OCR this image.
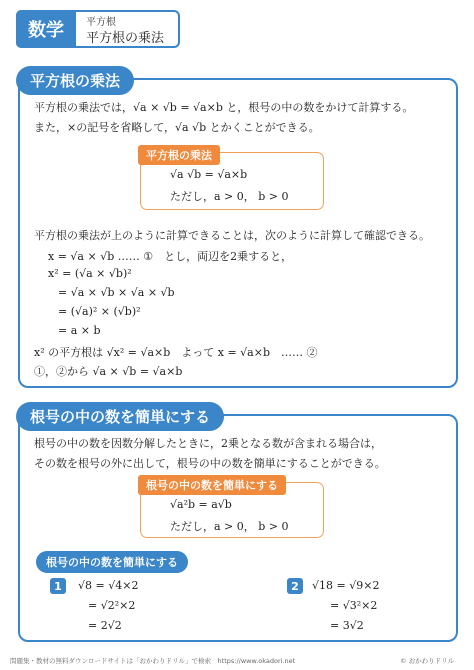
数学	平方根
平方根の乗法
平方根の乗法
平方根の乗法では，√a × √b = √a×b と，根号の中の数をかけて計算する。
また，×の記号を省略して，√a √b とかくことができる。
平方根の乗法
√a √b = √a×b
ただし，a > 0， b > 0
平方根の乗法が上のように計算できることは，次のように計算して確認できる。
x = √a × √b …… ①　とし，両辺を2乗すると，
x² = (√a × √b)²
= √a × √b × √a × √b
= (√a)² × (√b)²
= a × b
x² の平方根は √x² = √a×b　よって x = √a×b　…… ②
①，②から √a × √b = √a×b
根号の中の数を簡単にする
根号の中の数を因数分解したときに，2乗となる数が含まれる場合は，
その数を根号の外に出して，根号の中の数を簡単にすることができる。
根号の中の数を簡単にする
√a²b = a√b
ただし，a > 0， b > 0
根号の中の数を簡単にする
1	√8 = √4×2
= √2²×2
= 2√2
2	√18 = √9×2
= √3²×2
= 3√2
問題集・教材の無料ダウンロードサイトは「おかわりドリル」で検索　https://www.okadori.net	© おかわりドリル
